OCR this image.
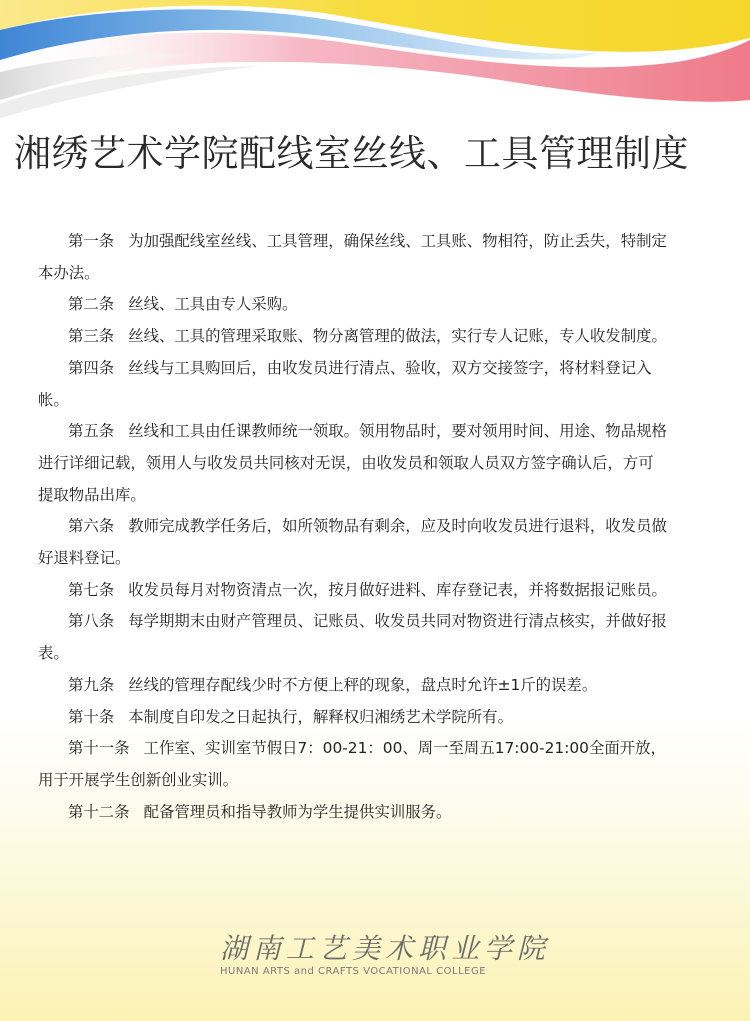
湘绣艺术学院配线室丝线、工具管理制度

第一条 为加强配线室丝线、工具管理，确保丝线、工具账、物相符，防止丢失，特制定本办法。

第二条 丝线、工具由专人采购。

第三条 丝线、工具的管理采取账、物分离管理的做法，实行专人记账，专人收发制度。

第四条 丝线与工具购回后，由收发员进行清点、验收，双方交接签字，将材料登记入帐。

第五条 丝线和工具由任课教师统一领取。领用物品时，要对领用时间、用途、物品规格进行详细记载，领用人与收发员共同核对无误，由收发员和领取人员双方签字确认后，方可提取物品出库。

第六条 教师完成教学任务后，如所领物品有剩余，应及时向收发员进行退料，收发员做好退料登记。

第七条 收发员每月对物资清点一次，按月做好进料、库存登记表，并将数据报记账员。

第八条 每学期期末由财产管理员、记账员、收发员共同对物资进行清点核实，并做好报表。

第九条 丝线的管理存配线少时不方便上秤的现象，盘点时允许±1斤的误差。

第十条 本制度自印发之日起执行，解释权归湘绣艺术学院所有。

第十一条 工作室、实训室节假日7：00-21：00、周一至周五17:00-21:00全面开放，用于开展学生创新创业实训。

第十二条 配备管理员和指导教师为学生提供实训服务。

湖南工艺美术职业学院
HUNAN ARTS and CRAFTS VOCATIONAL COLLEGE
